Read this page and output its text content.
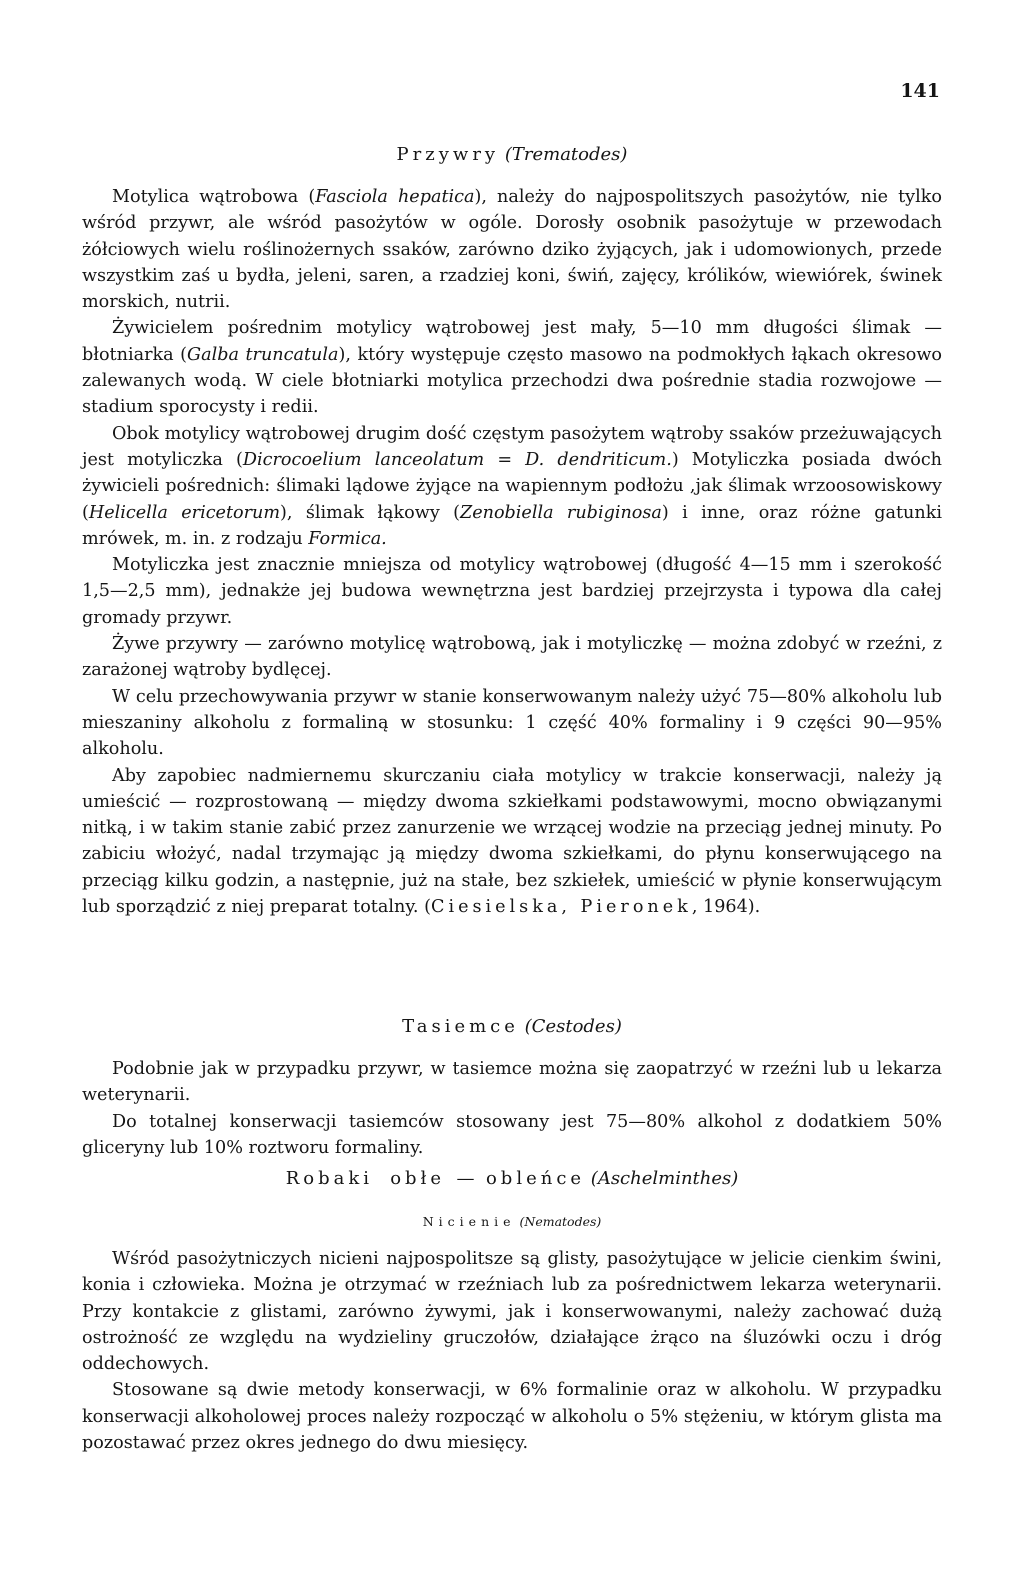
141
Przywry (Trematodes)

Motylica wątrobowa (Fasciola hepatica), należy do najpospolitszych pasożytów, nie tylko wśród przywr, ale wśród pasożytów w ogóle. Dorosły osobnik pasożytuje w przewodach żółciowych wielu roślinożernych ssaków, zarówno dziko żyjących, jak i udomowionych, przede wszystkim zaś u bydła, jeleni, saren, a rzadziej koni, świń, zajęcy, królików, wiewiórek, świnek morskich, nutrii.

Żywicielem pośrednim motylicy wątrobowej jest mały, 5—10 mm długości ślimak — błotniarka (Galba truncatula), który występuje często masowo na podmokłych łąkach okresowo zalewanych wodą. W ciele błotniarki motylica przechodzi dwa pośrednie stadia rozwojowe — stadium sporocysty i redii.

Obok motylicy wątrobowej drugim dość częstym pasożytem wątroby ssaków przeżuwających jest motyliczka (Dicrocoelium lanceolatum = D. dendriticum.) Motyliczka posiada dwóch żywicieli pośrednich: ślimaki lądowe żyjące na wapiennym podłożu ,jak ślimak wrzoosowiskowy (Helicella ericetorum), ślimak łąkowy (Zenobiella rubiginosa) i inne, oraz różne gatunki mrówek, m. in. z rodzaju Formica.

Motyliczka jest znacznie mniejsza od motylicy wątrobowej (długość 4—15 mm i szerokość 1,5—2,5 mm), jednakże jej budowa wewnętrzna jest bardziej przejrzysta i typowa dla całej gromady przywr.

Żywe przywry — zarówno motylicę wątrobową, jak i motyliczkę — można zdobyć w rzeźni, z zarażonej wątroby bydlęcej.

W celu przechowywania przywr w stanie konserwowanym należy użyć 75—80% alkoholu lub mieszaniny alkoholu z formaliną w stosunku: 1 część 40% formaliny i 9 części 90—95% alkoholu.

Aby zapobiec nadmiernemu skurczaniu ciała motylicy w trakcie konserwacji, należy ją umieścić — rozprostowaną — między dwoma szkiełkami podstawowymi, mocno obwiązanymi nitką, i w takim stanie zabić przez zanurzenie we wrzącej wodzie na przeciąg jednej minuty. Po zabiciu włożyć, nadal trzymając ją między dwoma szkiełkami, do płynu konserwującego na przeciąg kilku godzin, a następnie, już na stałe, bez szkiełek, umieścić w płynie konserwującym lub sporządzić z niej preparat totalny. (Ciesielska, Pieronek, 1964).

Tasiemce (Cestodes)

Podobnie jak w przypadku przywr, w tasiemce można się zaopatrzyć w rzeźni lub u lekarza weterynarii.

Do totalnej konserwacji tasiemców stosowany jest 75—80% alkohol z dodatkiem 50% gliceryny lub 10% roztworu formaliny.

Robaki obłe — obleńce (Aschelminthes)
Nicienie (Nematodes)

Wśród pasożytniczych nicieni najpospolitsze są glisty, pasożytujące w jelicie cienkim świni, konia i człowieka. Można je otrzymać w rzeźniach lub za pośrednictwem lekarza weterynarii. Przy kontakcie z glistami, zarówno żywymi, jak i konserwowanymi, należy zachować dużą ostrożność ze względu na wydzieliny gruczołów, działające żrąco na śluzówki oczu i dróg oddechowych.

Stosowane są dwie metody konserwacji, w 6% formalinie oraz w alkoholu. W przypadku konserwacji alkoholowej proces należy rozpocząć w alkoholu o 5% stężeniu, w którym glista ma pozostawać przez okres jednego do dwu miesięcy.
